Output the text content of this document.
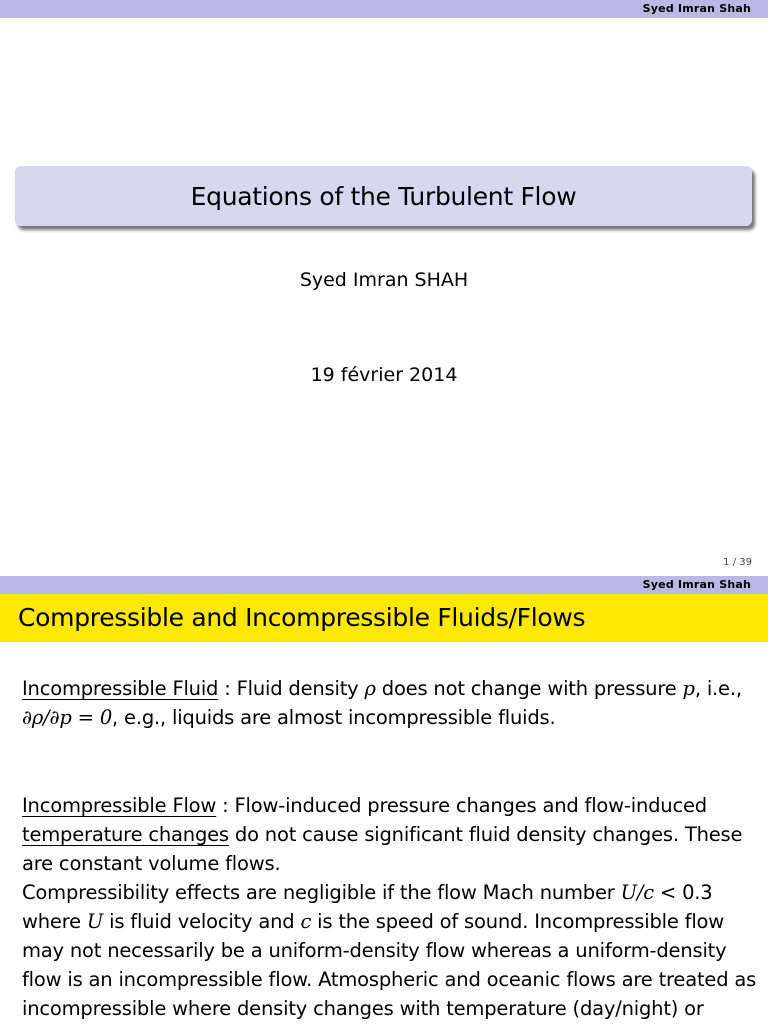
Syed Imran Shah
Equations of the Turbulent Flow
Syed Imran SHAH
19 février 2014
1 / 39
Syed Imran Shah
Compressible and Incompressible Fluids/Flows
Incompressible Fluid : Fluid density ρ does not change with pressure p, i.e., ∂ρ/∂p = 0, e.g., liquids are almost incompressible fluids.
Incompressible Flow : Flow-induced pressure changes and flow-induced temperature changes do not cause significant fluid density changes. These are constant volume flows.
Compressibility effects are negligible if the flow Mach number U/c < 0.3 where U is fluid velocity and c is the speed of sound. Incompressible flow may not necessarily be a uniform-density flow whereas a uniform-density flow is an incompressible flow. Atmospheric and oceanic flows are treated as incompressible where density changes with temperature (day/night) or
